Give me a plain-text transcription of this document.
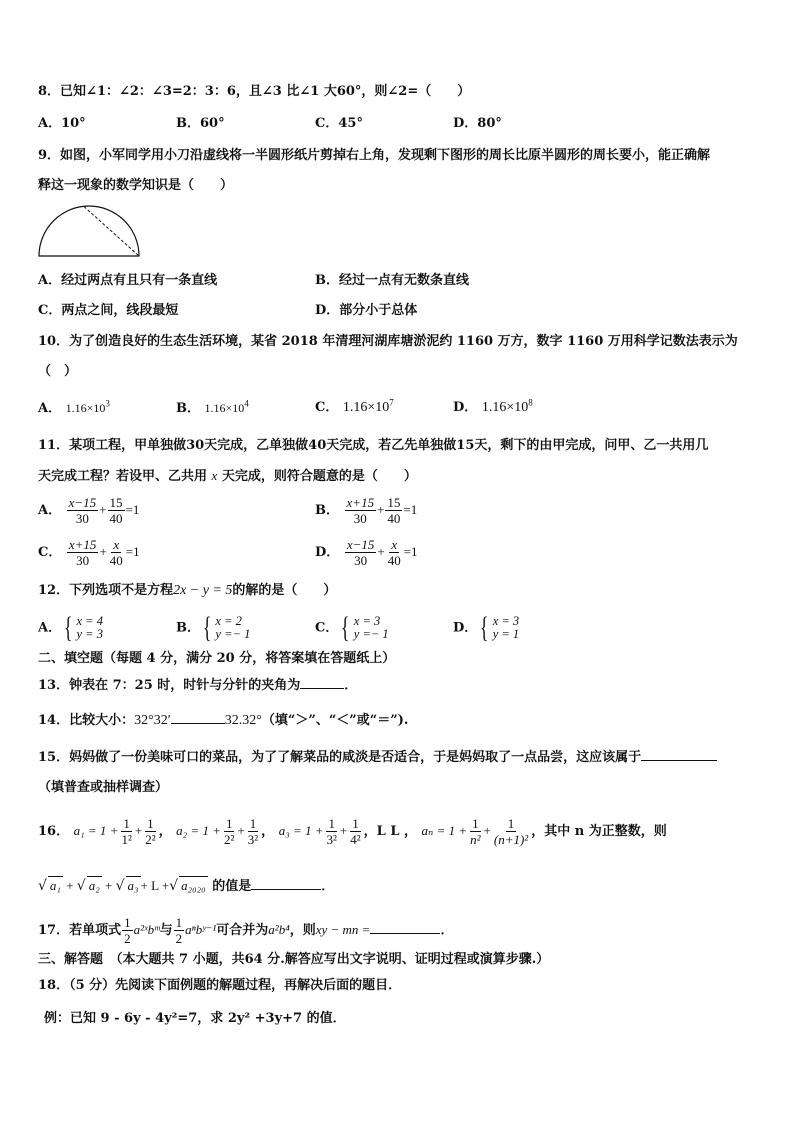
8．已知∠1：∠2：∠3=2：3：6，且∠3 比∠1 大60°，则∠2=（　　）
A．10°	B．60°	C．45°	D．80°
9．如图，小军同学用小刀沿虚线将一半圆形纸片剪掉右上角，发现剩下图形的周长比原半圆形的周长要小，能正确解
释这一现象的数学知识是（　　）
A．经过两点有且只有一条直线	B．经过一点有无数条直线
C．两点之间，线段最短	D．部分小于总体
10．为了创造良好的生态生活环境，某省 2018 年清理河湖库塘淤泥约 1160 万方，数字 1160 万用科学记数法表示为
（　）
A． $1.16\times 10^3$	B． $1.16\times 10^4$	C． $1.16\times 10^7$	D． $1.16\times 10^8$
11．某项工程，甲单独做30天完成，乙单独做40天完成，若乙先单独做15天，剩下的由甲完成，问甲、乙一共用几
天完成工程？若设甲、乙共用 x 天完成，则符合题意的是（　　）
A． $\frac{x-15}{30} + \frac{15}{40} =1$	B． $\frac{x+15}{30} + \frac{15}{40} =1$
C． $\frac{x+15}{30} + \frac{x}{40} =1$	D． $\frac{x-15}{30} + \frac{x}{40} =1$
12．下列选项不是方程2x − y = 5的解的是（　　）
A． { x = 4
y = 3	B． { x = 2
y =− 1	C． { x = 3
y =− 1	D． { x = 3
y = 1
二、填空题（每题 4 分，满分 20 分，将答案填在答题纸上）
13．钟表在 7：25 时，时针与分针的夹角为	．
14．比较大小：32°32′	32.32°（填“＞”、“＜”或“＝”).
15．妈妈做了一份美味可口的菜品，为了了解菜品的咸淡是否适合，于是妈妈取了一点品尝，这应该属于
（填普查或抽样调查）
16． $a_1 = 1 + \frac{1}{\text{1²}} + \frac{1}{\text{2²}}$ ， $a_2 = 1 + \frac{1}{\text{2²}} + \frac{1}{\text{3²}}$ ， $a_3 = 1 + \frac{1}{\text{3²}} + \frac{1}{\text{4²}}$ ，L L ， $a_n = 1 + \frac{1}{\text{n²}} + \frac{1}{\text{(n+1)²}}$ ，其中 n 为正整数，则
√ a₁ + √ a₂ + √ a₃ + L +√ a₂₀₂₀ 的值是	．
17．若单项式 $\frac{1}{2}$ a²ˣbᵐ与 $\frac{1}{2}$ aⁿbʸ⁻¹可合并为a²b⁴，则xy − mn =	．
三、解答题　（本大题共 7 小题，共64 分.解答应写出文字说明、证明过程或演算步骤.）
18．（5 分）先阅读下面例题的解题过程，再解决后面的题目．
例：已知 9 - 6y - 4y²=7，求 2y² +3y+7 的值．
